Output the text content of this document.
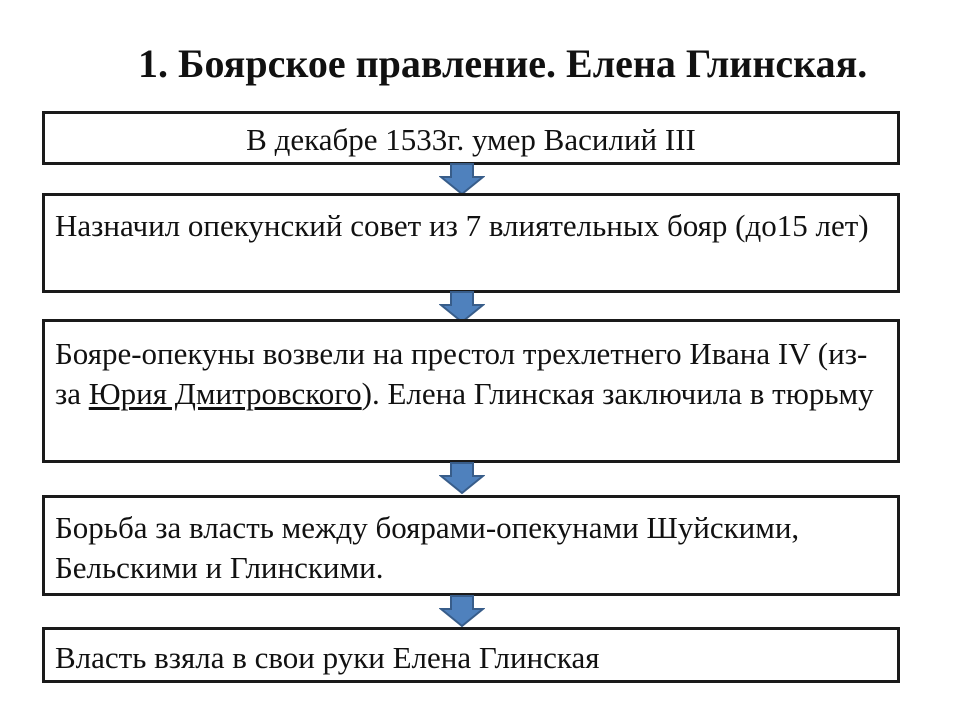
1. Боярское правление. Елена Глинская.
В декабре 1533г. умер Василий III
Назначил опекунский совет из 7 влиятельных бояр (до15 лет)
Бояре-опекуны возвели на престол трехлетнего Ивана IV (из-за Юрия Дмитровского). Елена Глинская заключила в тюрьму
Борьба за власть между боярами-опекунами Шуйскими, Бельскими и Глинскими.
Власть взяла в свои руки Елена Глинская
